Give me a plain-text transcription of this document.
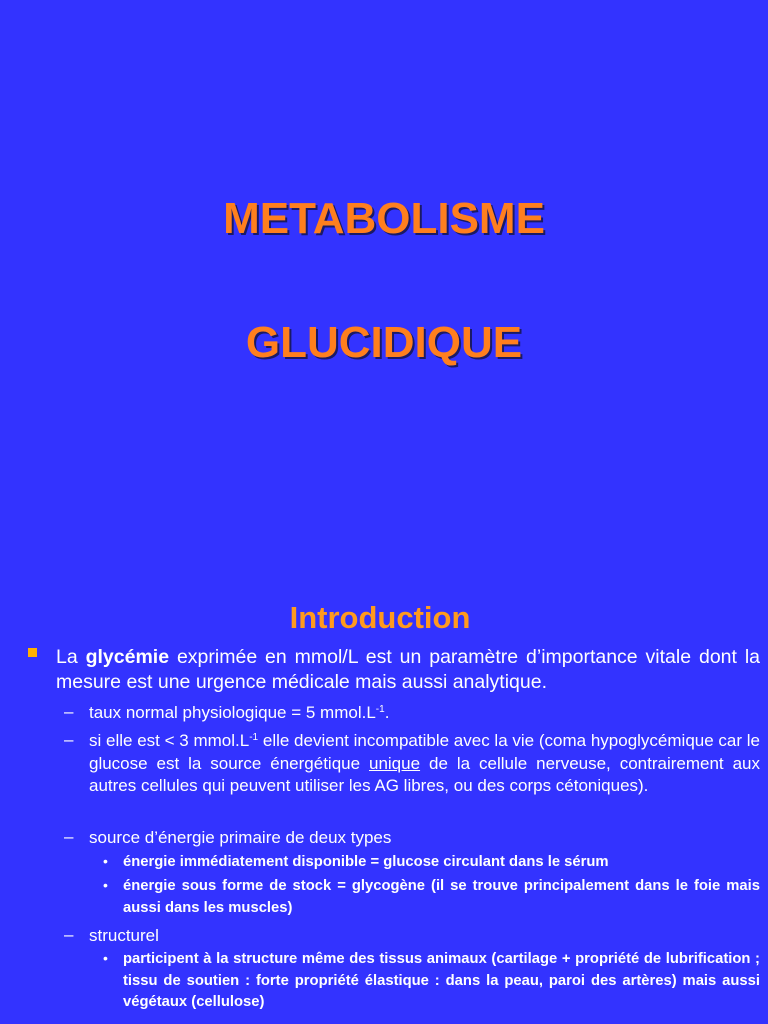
METABOLISME
GLUCIDIQUE
Introduction
La glycémie exprimée en mmol/L est un paramètre d’importance vitale dont la mesure est une urgence médicale mais aussi analytique.
– taux normal physiologique = 5 $mmol.L^{-1}$.
– si elle est < 3 $mmol.L^{-1}$ elle devient incompatible avec la vie (coma hypoglycémique car le glucose est la source énergétique unique de la cellule nerveuse, contrairement aux autres cellules qui peuvent utiliser les AG libres, ou des corps cétoniques).
– source d’énergie primaire de deux types
• énergie immédiatement disponible = glucose circulant dans le sérum
• énergie sous forme de stock = glycogène (il se trouve principalement dans le foie mais aussi dans les muscles)
– structurel
• participent à la structure même des tissus animaux (cartilage + propriété de lubrification ; tissu de soutien : forte propriété élastique : dans la peau, paroi des artères) mais aussi végétaux (cellulose)
